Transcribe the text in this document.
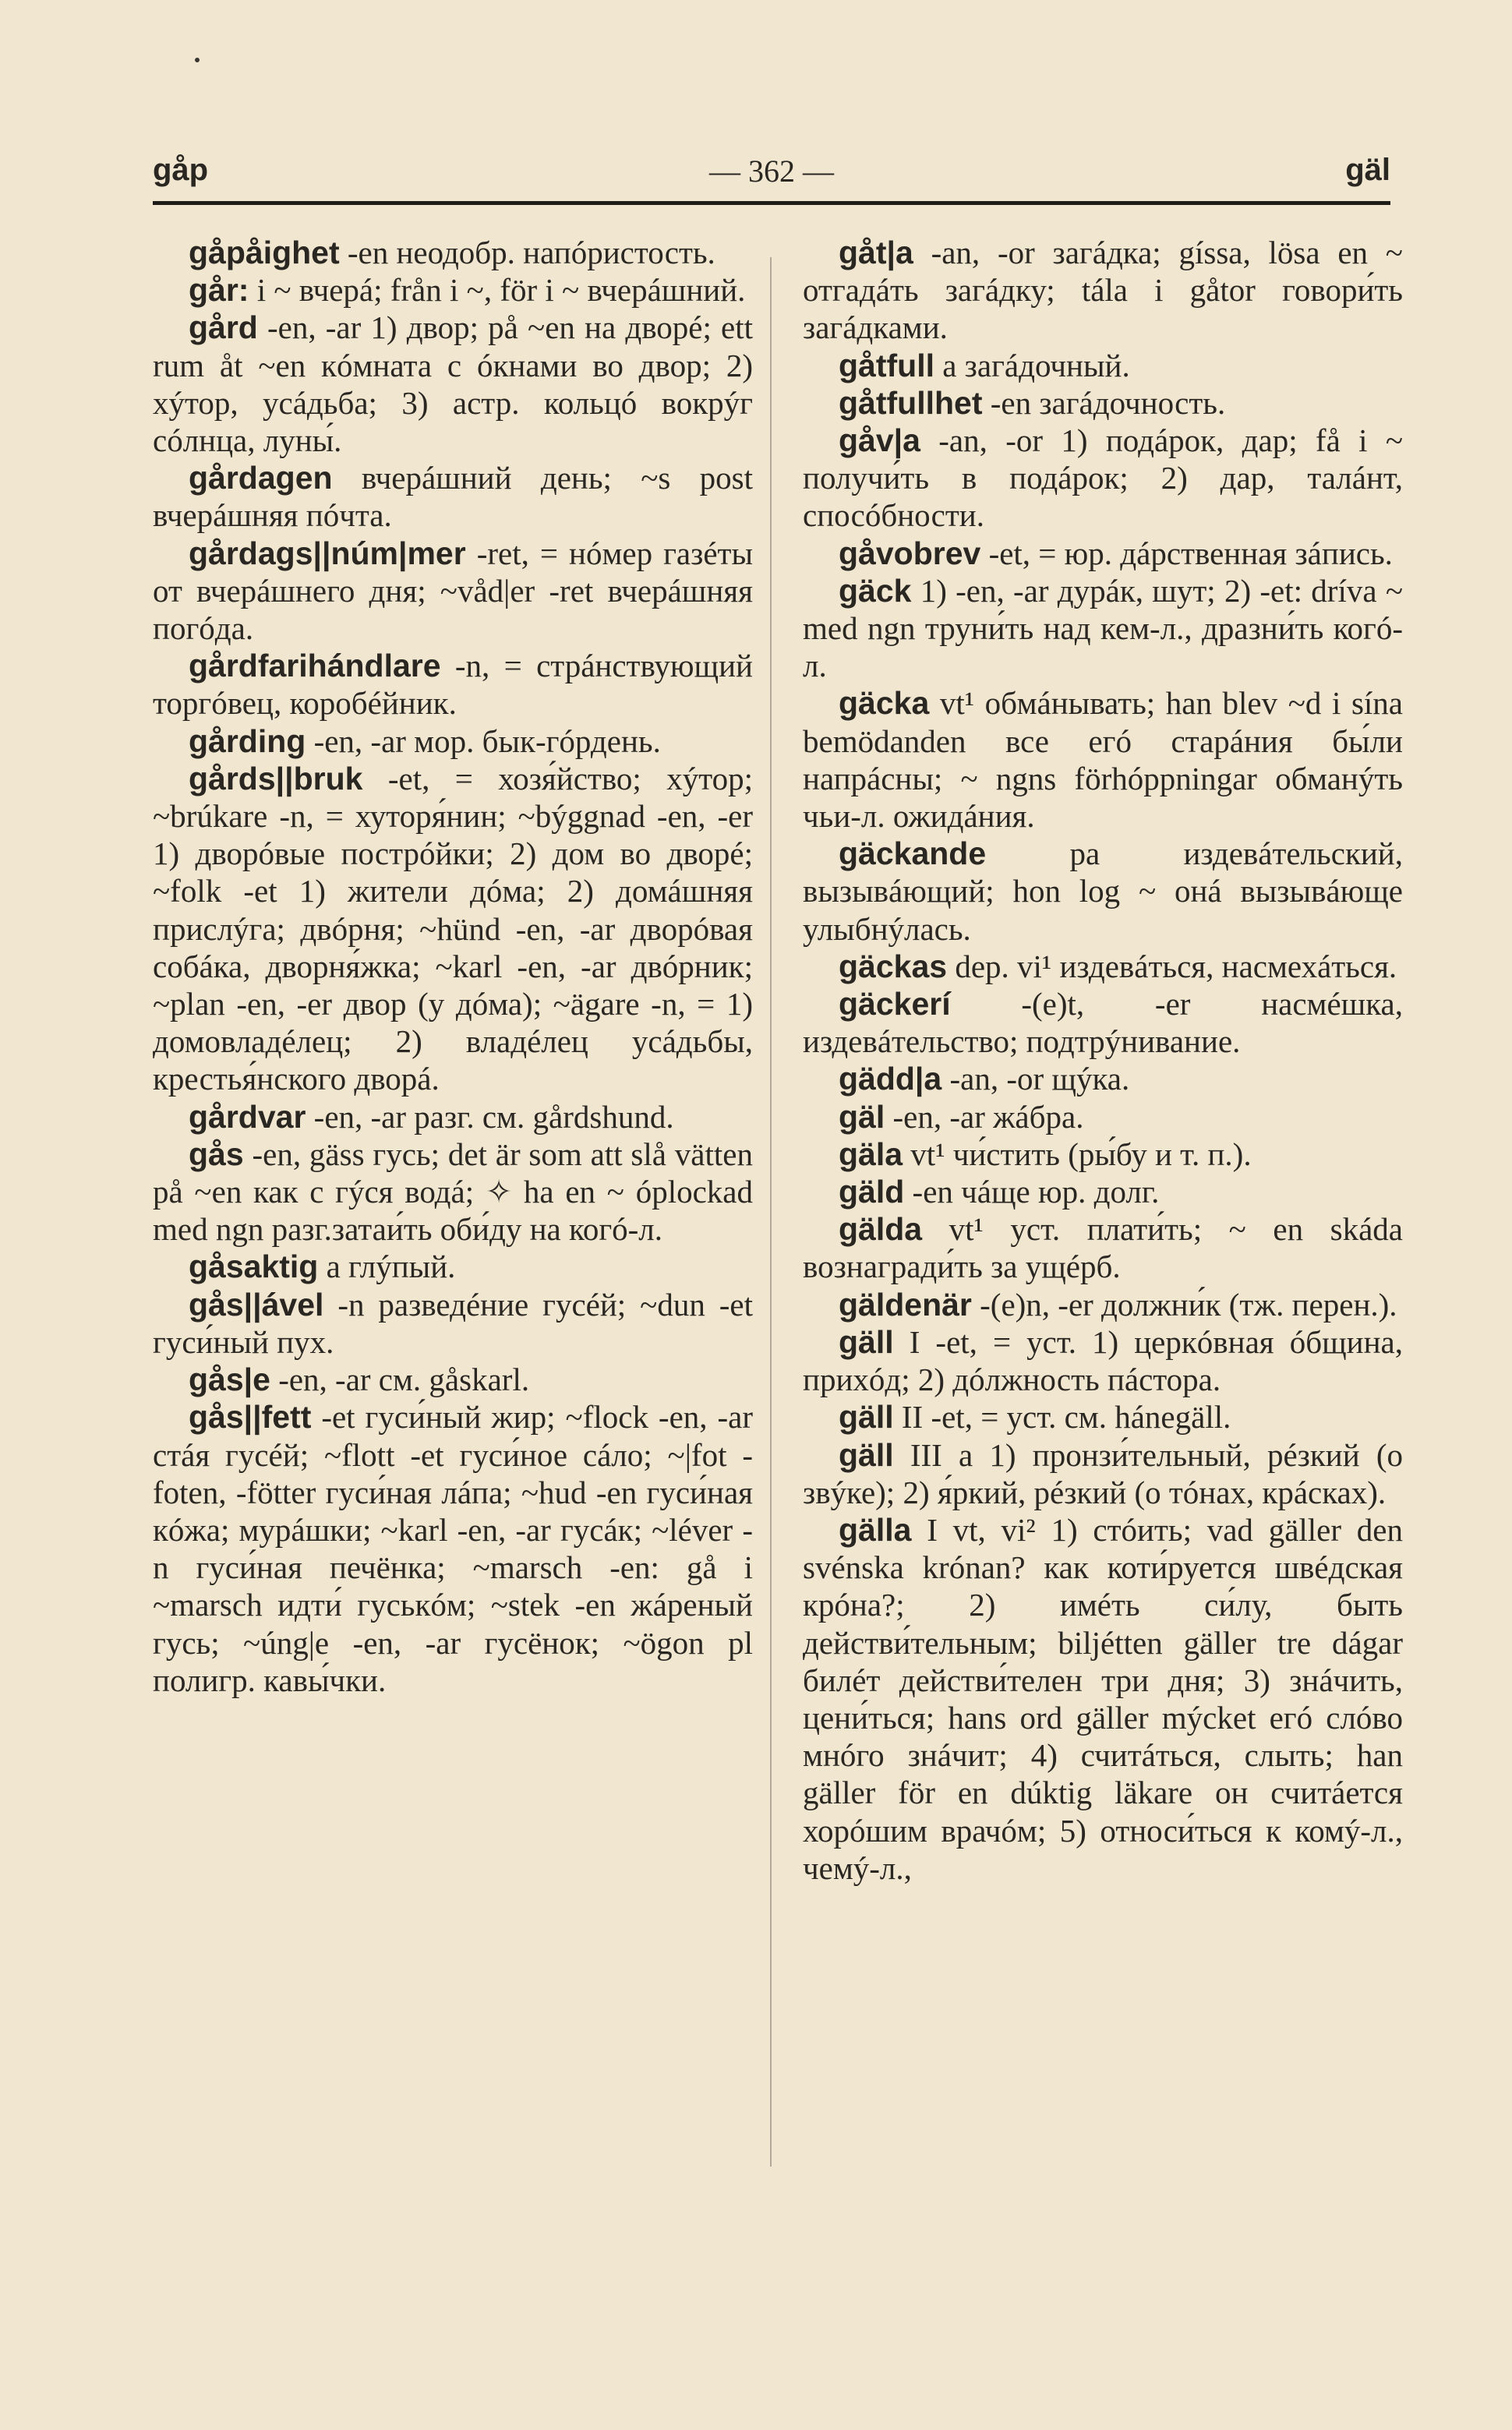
gåp	— 362 —	gäl

gåpåighet -en неодобр. напóристость.

går: i ~ вчерá; från i ~, för i ~ вчерáшний.

gård -en, -ar 1) двор; på ~en на дворé; ett rum åt ~en кóмната с óкнами во двор; 2) хýтор, усáдьба; 3) астр. кольцó вокрýг сóлнца, луны́.

gårdagen вчерáшний день; ~s post вчерáшняя пóчта.

gårdags||núm|mer -ret, = нóмер газéты от вчерáшнего дня; ~våd|er -ret вчерáшняя погóда.

gårdfarihándlare -n, = стрáнствующий торгóвец, коробéйник.

gårding -en, -ar мор. бык-гóрдень.

gårds||bruk -et, = хозя́йство; хýтор; ~brúkare -n, = хуторя́нин; ~býggnad -en, -er 1) дворóвые пострóйки; 2) дом во дворé; ~folk -et 1) жители дóма; 2) домáшняя прислýга; двóрня; ~hünd -en, -ar дворóвая собáка, дворня́жка; ~karl -en, -ar двóрник; ~plan -en, -er двор (у дóма); ~ägare -n, = 1) домовладéлец; 2) владéлец усáдьбы, крестья́нского дворá.

gårdvar -en, -ar разг. см. gårdshund.

gås -en, gäss гусь; det är som att slå vätten på ~en как с гýся водá; ✧ ha en ~ óplockad med ngn разг.затаи́ть оби́ду на когó-л.

gåsaktig a глýпый.

gås||ável -n разведéние гусéй; ~dun -et гуси́ный пух.

gås|e -en, -ar см. gåskarl.

gås||fett -et гуси́ный жир; ~flock -en, -ar стáя гусéй; ~flott -et гуси́ное сáло; ~|fot -foten, -fötter гуси́ная лáпа; ~hud -en гуси́ная кóжа; мурáшки; ~karl -en, -ar гусáк; ~léver -n гуси́ная печёнка; ~marsch -en: gå i ~marsch идти́ гуськóм; ~stek -en жáреный гусь; ~úng|e -en, -ar гусёнок; ~ögon pl полигр. кавы́чки.

gåt|a -an, -or загáдка; gíssa, lösa en ~ отгадáть загáдку; tála i gåtor говори́ть загáдками.

gåtfull a загáдочный.

gåtfullhet -en загáдочность.

gåv|a -an, -or 1) подáрок, дар; få i ~ получи́ть в подáрок; 2) дар, талáнт, спосóбности.

gåvobrev -et, = юр. дáрственная зáпись.

gäck 1) -en, -ar дурáк, шут; 2) -et: dríva ~ med ngn труни́ть над кем-л., дразни́ть когó-л.

gäcka vt¹ обмáнывать; han blev ~d i sína bemödanden все егó старáния бы́ли напрáсны; ~ ngns förhóppningar обманýть чьи-л. ожидáния.

gäckande pa издевáтельский, вызывáющий; hon log ~ онá вызывáюще улыбнýлась.

gäckas dep. vi¹ издевáться, насмехáться.

gäckerí -(e)t, -er насмéшка, издевáтельство; подтрýнивание.

gädd|a -an, -or щýка.

gäl -en, -ar жáбра.

gäla vt¹ чи́стить (ры́бу и т. п.).

gäld -en чáще юр. долг.

gälda vt¹ уст. плати́ть; ~ en skáda вознагради́ть за ущéрб.

gäldenär -(e)n, -er должни́к (тж. перен.).

gäll I -et, = уст. 1) церкóвная óбщина, прихóд; 2) дóлжность пáстора.

gäll II -et, = уст. см. hánegäll.

gäll III a 1) пронзи́тельный, рéзкий (о звýке); 2) я́ркий, рéзкий (о тóнах, крáсках).

gälla I vt, vi² 1) стóить; vad gäller den svénska krónan? как коти́руется швéдская крóна?; 2) имéть си́лу, быть действи́тельным; biljétten gäller tre dágar билéт действи́телен три дня; 3) знáчить, цени́ться; hans ord gäller mýcket егó слóво мнóго знáчит; 4) считáться, слыть; han gäller för en dúktig läkare он считáется хорóшим врачóм; 5) относи́ться к комý-л., чемý-л.,
